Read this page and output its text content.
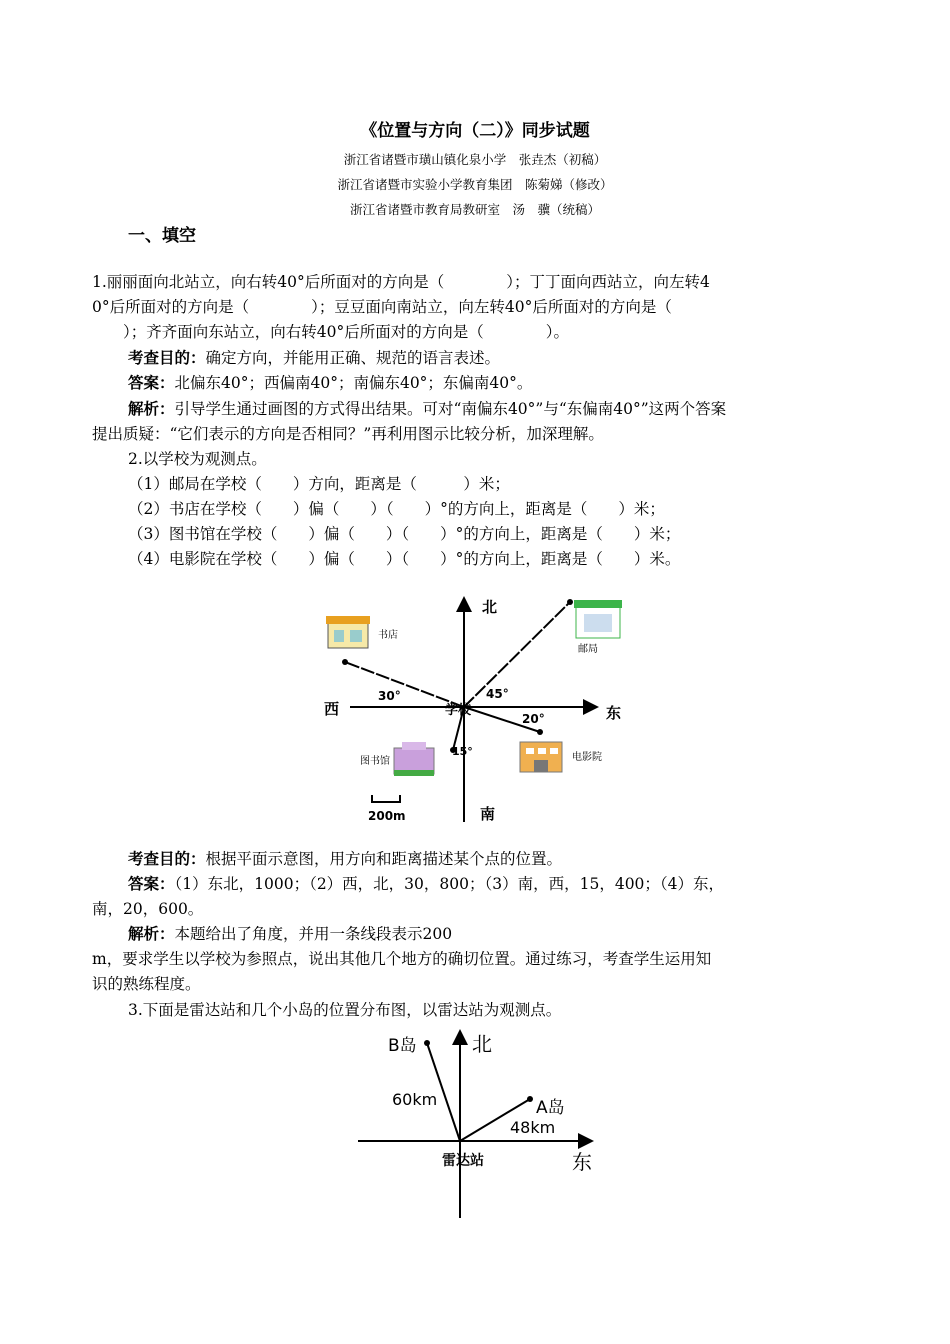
《位置与方向（二）》同步试题
浙江省诸暨市璜山镇化泉小学　张垚杰（初稿）
浙江省诸暨市实验小学教育集团　陈菊娣（修改）
浙江省诸暨市教育局教研室　汤　骥（统稿）
一、填空
1.丽丽面向北站立，向右转40°后所面对的方向是（　　　　）；丁丁面向西站立，向左转4
0°后所面对的方向是（　　　　）；豆豆面向南站立，向左转40°后所面对的方向是（
　　）；齐齐面向东站立，向右转40°后所面对的方向是（　　　　）。
考查目的：确定方向，并能用正确、规范的语言表述。
答案：北偏东40°；西偏南40°；南偏东40°；东偏南40°。
解析：引导学生通过画图的方式得出结果。可对“南偏东40°”与“东偏南40°”这两个答案
提出质疑：“它们表示的方向是否相同？”再利用图示比较分析，加深理解。
2.以学校为观测点。
（1）邮局在学校（　　）方向，距离是（　　　）米；
（2）书店在学校（　　）偏（　　）（　　）°的方向上，距离是（　　）米；
（3）图书馆在学校（　　）偏（　　）（　　）°的方向上，距离是（　　）米；
（4）电影院在学校（　　）偏（　　）（　　）°的方向上，距离是（　　）米。
北
南
东
西	学校
30°	45°
20°
15°
书店
邮局
图书馆	电影院
200m
考查目的：根据平面示意图，用方向和距离描述某个点的位置。
答案：（1）东北，1000；（2）西，北，30，800；（3）南，西，15，400；（4）东，
南，20，600。
解析：本题给出了角度，并用一条线段表示200
m，要求学生以学校为参照点，说出其他几个地方的确切位置。通过练习，考查学生运用知
识的熟练程度。
3.下面是雷达站和几个小岛的位置分布图，以雷达站为观测点。
北
东
雷达站
B岛
A岛
60km
48km
